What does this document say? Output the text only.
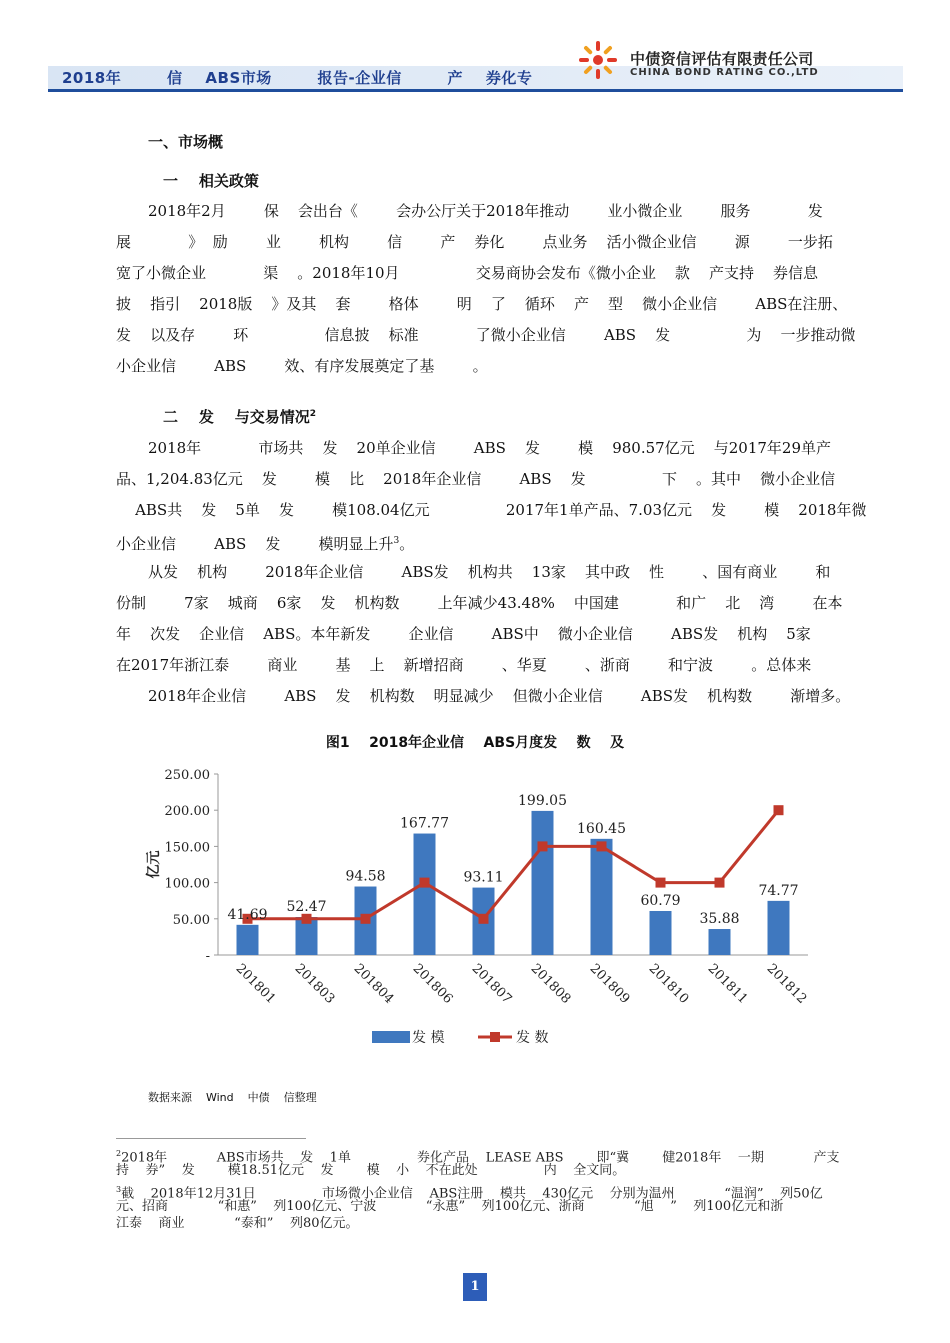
2018年        信    ABS市场        报告-企业信        产    券化专
中债资信评估有限责任公司
CHINA BOND RATING CO.,LTD
一、市场概
一    相关政策
2018年2月        保    会出台《        会办公厅关于2018年推动        业小微企业        服务            发
展            》  励        业        机构        信        产    券化        点业务    活小微企业信        源        一步拓
宽了小微企业            渠    。2018年10月                交易商协会发布《微小企业    款    产支持    券信息
披    指引    2018版    》及其    套        格体        明    了    循环    产    型    微小企业信        ABS在注册、
发    以及存        环                信息披    标准            了微小企业信        ABS    发                为    一步推动微
小企业信        ABS        效、有序发展奠定了基        。
二    发    与交易情况$^2$
2018年            市场共    发    20单企业信        ABS    发        模    980.57亿元    与2017年29单产
品、1,204.83亿元    发        模    比    2018年企业信        ABS    发                下    。其中    微小企业信
ABS共    发    5单    发        模108.04亿元                2017年1单产品、7.03亿元    发        模    2018年微
小企业信        ABS    发        模明显上升$^3$。
从发    机构        2018年企业信        ABS发    机构共    13家    其中政    性        、国有商业        和
份制        7家    城商    6家    发    机构数        上年减少43.48%    中国建            和广    北    湾        在本
年    次发    企业信    ABS。本年新发        企业信        ABS中    微小企业信        ABS发    机构    5家
在2017年浙江泰        商业        基    上    新增招商        、华夏        、浙商        和宁波        。总体来
2018年企业信        ABS    发    机构数    明显减少    但微小企业信        ABS发    机构数        渐增多。
图1    2018年企业信    ABS月度发    数    及
250.00
200.00
150.00
100.00
50.00
-
亿元
41.69 52.47
94.58
167.77
93.11
199.05
160.45
60.79
35.88
74.77
201801 201803 201804 201806 201807 201808 201809 201810 201811 201812
发 模	发 数
数据来源    Wind    中债    信整理
$^2$2018年            ABS市场共    发    1单                券化产品    LEASE ABS        即“冀        健2018年    一期            产支
持    券”    发        模18.51亿元    发        模    小    不在此处                内    全文同。
$^3$截    2018年12月31日                市场微小企业信    ABS注册    模共    430亿元    分别为温州            “温润”    列50亿
元、招商            “和惠”    列100亿元、宁波            “永惠”    列100亿元、浙商            “旭    ”    列100亿元和浙
江泰    商业            “泰和”    列80亿元。
1
